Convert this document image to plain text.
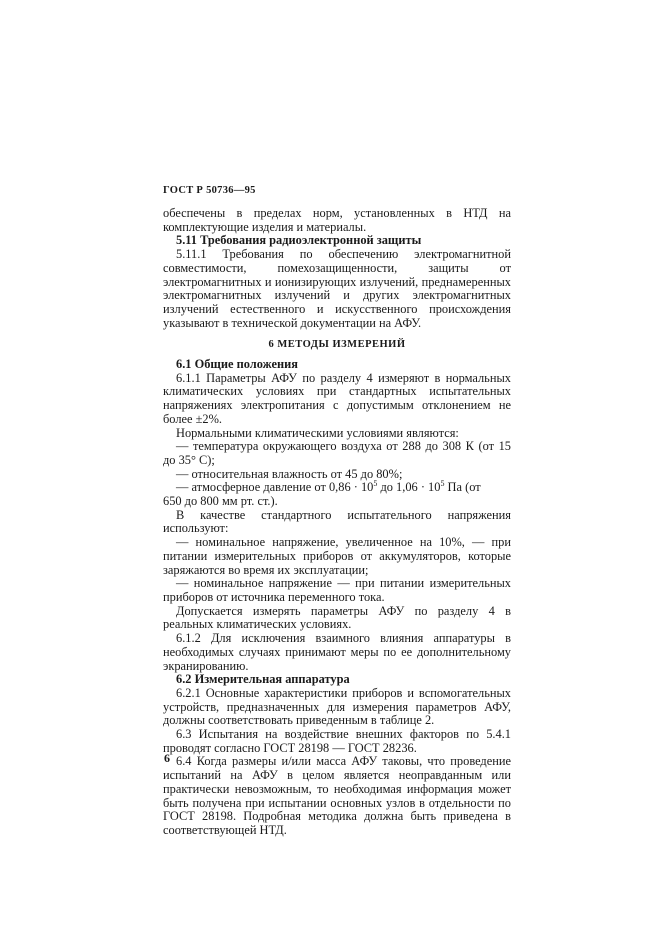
ГОСТ Р 50736—95

обеспечены в пределах норм, установленных в НТД на комплектующие изделия и материалы.

5.11 Требования радиоэлектронной защиты

5.11.1 Требования по обеспечению электромагнитной совместимости, помехозащищенности, защиты от электромагнитных и ионизирующих излучений, преднамеренных электромагнитных излучений и других электромагнитных излучений естественного и искусственного происхождения указывают в технической документации на АФУ.

6 МЕТОДЫ ИЗМЕРЕНИЙ

6.1 Общие положения

6.1.1 Параметры АФУ по разделу 4 измеряют в нормальных климатических условиях при стандартных испытательных напряжениях электропитания с допустимым отклонением не более ±2%.

Нормальными климатическими условиями являются:

— температура окружающего воздуха от 288 до 308 К (от 15 до 35° С);

— относительная влажность от 45 до 80%;

— атмосферное давление от $0,86 \cdot 10^5$ до $1,06 \cdot 10^5$ Па (от

650 до 800 мм рт. ст.).

В качестве стандартного испытательного напряжения используют:

— номинальное напряжение, увеличенное на 10%, — при питании измерительных приборов от аккумуляторов, которые заряжаются во время их эксплуатации;

— номинальное напряжение — при питании измерительных приборов от источника переменного тока.

Допускается измерять параметры АФУ по разделу 4 в реальных климатических условиях.

6.1.2 Для исключения взаимного влияния аппаратуры в необходимых случаях принимают меры по ее дополнительному экранированию.

6.2 Измерительная аппаратура

6.2.1 Основные характеристики приборов и вспомогательных устройств, предназначенных для измерения параметров АФУ, должны соответствовать приведенным в таблице 2.

6.3 Испытания на воздействие внешних факторов по 5.4.1 проводят согласно ГОСТ 28198 — ГОСТ 28236.

6.4 Когда размеры и/или масса АФУ таковы, что проведение испытаний на АФУ в целом является неоправданным или практически невозможным, то необходимая информация может быть получена при испытании основных узлов в отдельности по ГОСТ 28198. Подробная методика должна быть приведена в соответствующей НТД.

6
